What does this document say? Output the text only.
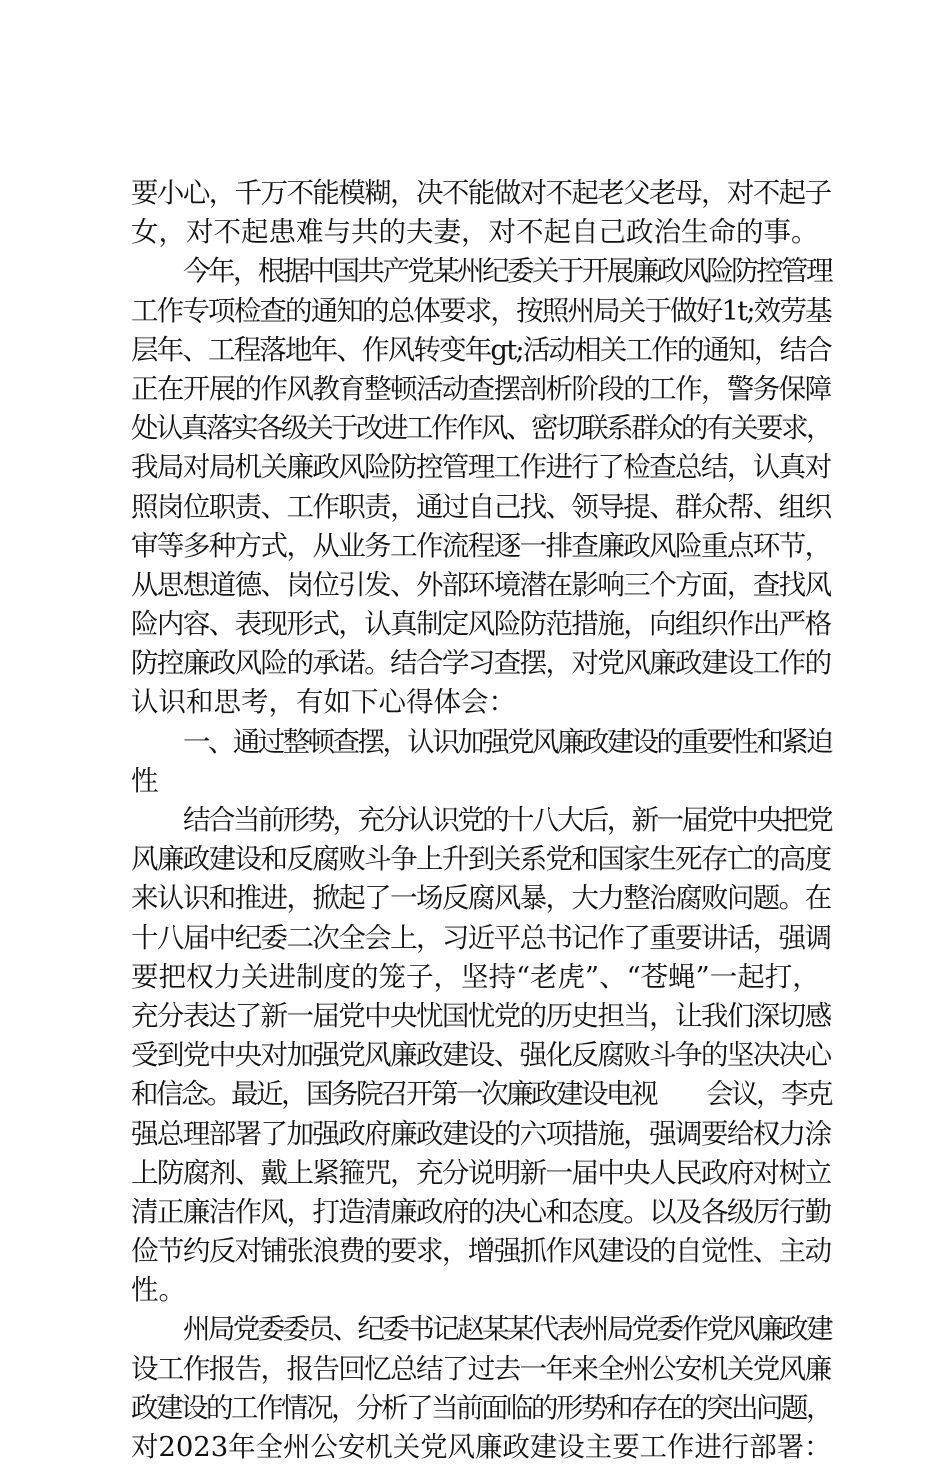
要小心，千万不能模糊，决不能做对不起老父老母，对不起子
女，对不起患难与共的夫妻，对不起自己政治生命的事。
今年，根据中国共产党某州纪委关于开展廉政风险防控管理
工作专项检查的通知的总体要求，按照州局关于做好1t;效劳基
层年、工程落地年、作风转变年gt;活动相关工作的通知，结合
正在开展的作风教育整顿活动查摆剖析阶段的工作，警务保障
处认真落实各级关于改进工作作风、密切联系群众的有关要求，
我局对局机关廉政风险防控管理工作进行了检查总结，认真对
照岗位职责、工作职责，通过自己找、领导提、群众帮、组织
审等多种方式，从业务工作流程逐一排查廉政风险重点环节，
从思想道德、岗位引发、外部环境潜在影响三个方面，查找风
险内容、表现形式，认真制定风险防范措施，向组织作出严格
防控廉政风险的承诺。结合学习查摆，对党风廉政建设工作的
认识和思考，有如下心得体会：
一、通过整顿查摆，认识加强党风廉政建设的重要性和紧迫
性
结合当前形势，充分认识党的十八大后，新一届党中央把党
风廉政建设和反腐败斗争上升到关系党和国家生死存亡的高度
来认识和推进，掀起了一场反腐风暴，大力整治腐败问题。在
十八届中纪委二次全会上，习近平总书记作了重要讲话，强调
要把权力关进制度的笼子，坚持“老虎”、“苍蝇”一起打，
充分表达了新一届党中央忧国忧党的历史担当，让我们深切感
受到党中央对加强党风廉政建设、强化反腐败斗争的坚决决心
和信念。最近，国务院召开第一次廉政建设电视　　会议，李克
强总理部署了加强政府廉政建设的六项措施，强调要给权力涂
上防腐剂、戴上紧箍咒，充分说明新一届中央人民政府对树立
清正廉洁作风，打造清廉政府的决心和态度。以及各级厉行勤
俭节约反对铺张浪费的要求，增强抓作风建设的自觉性、主动
性。
州局党委委员、纪委书记赵某某代表州局党委作党风廉政建
设工作报告，报告回忆总结了过去一年来全州公安机关党风廉
政建设的工作情况，分析了当前面临的形势和存在的突出问题，
对2023年全州公安机关党风廉政建设主要工作进行部署：
